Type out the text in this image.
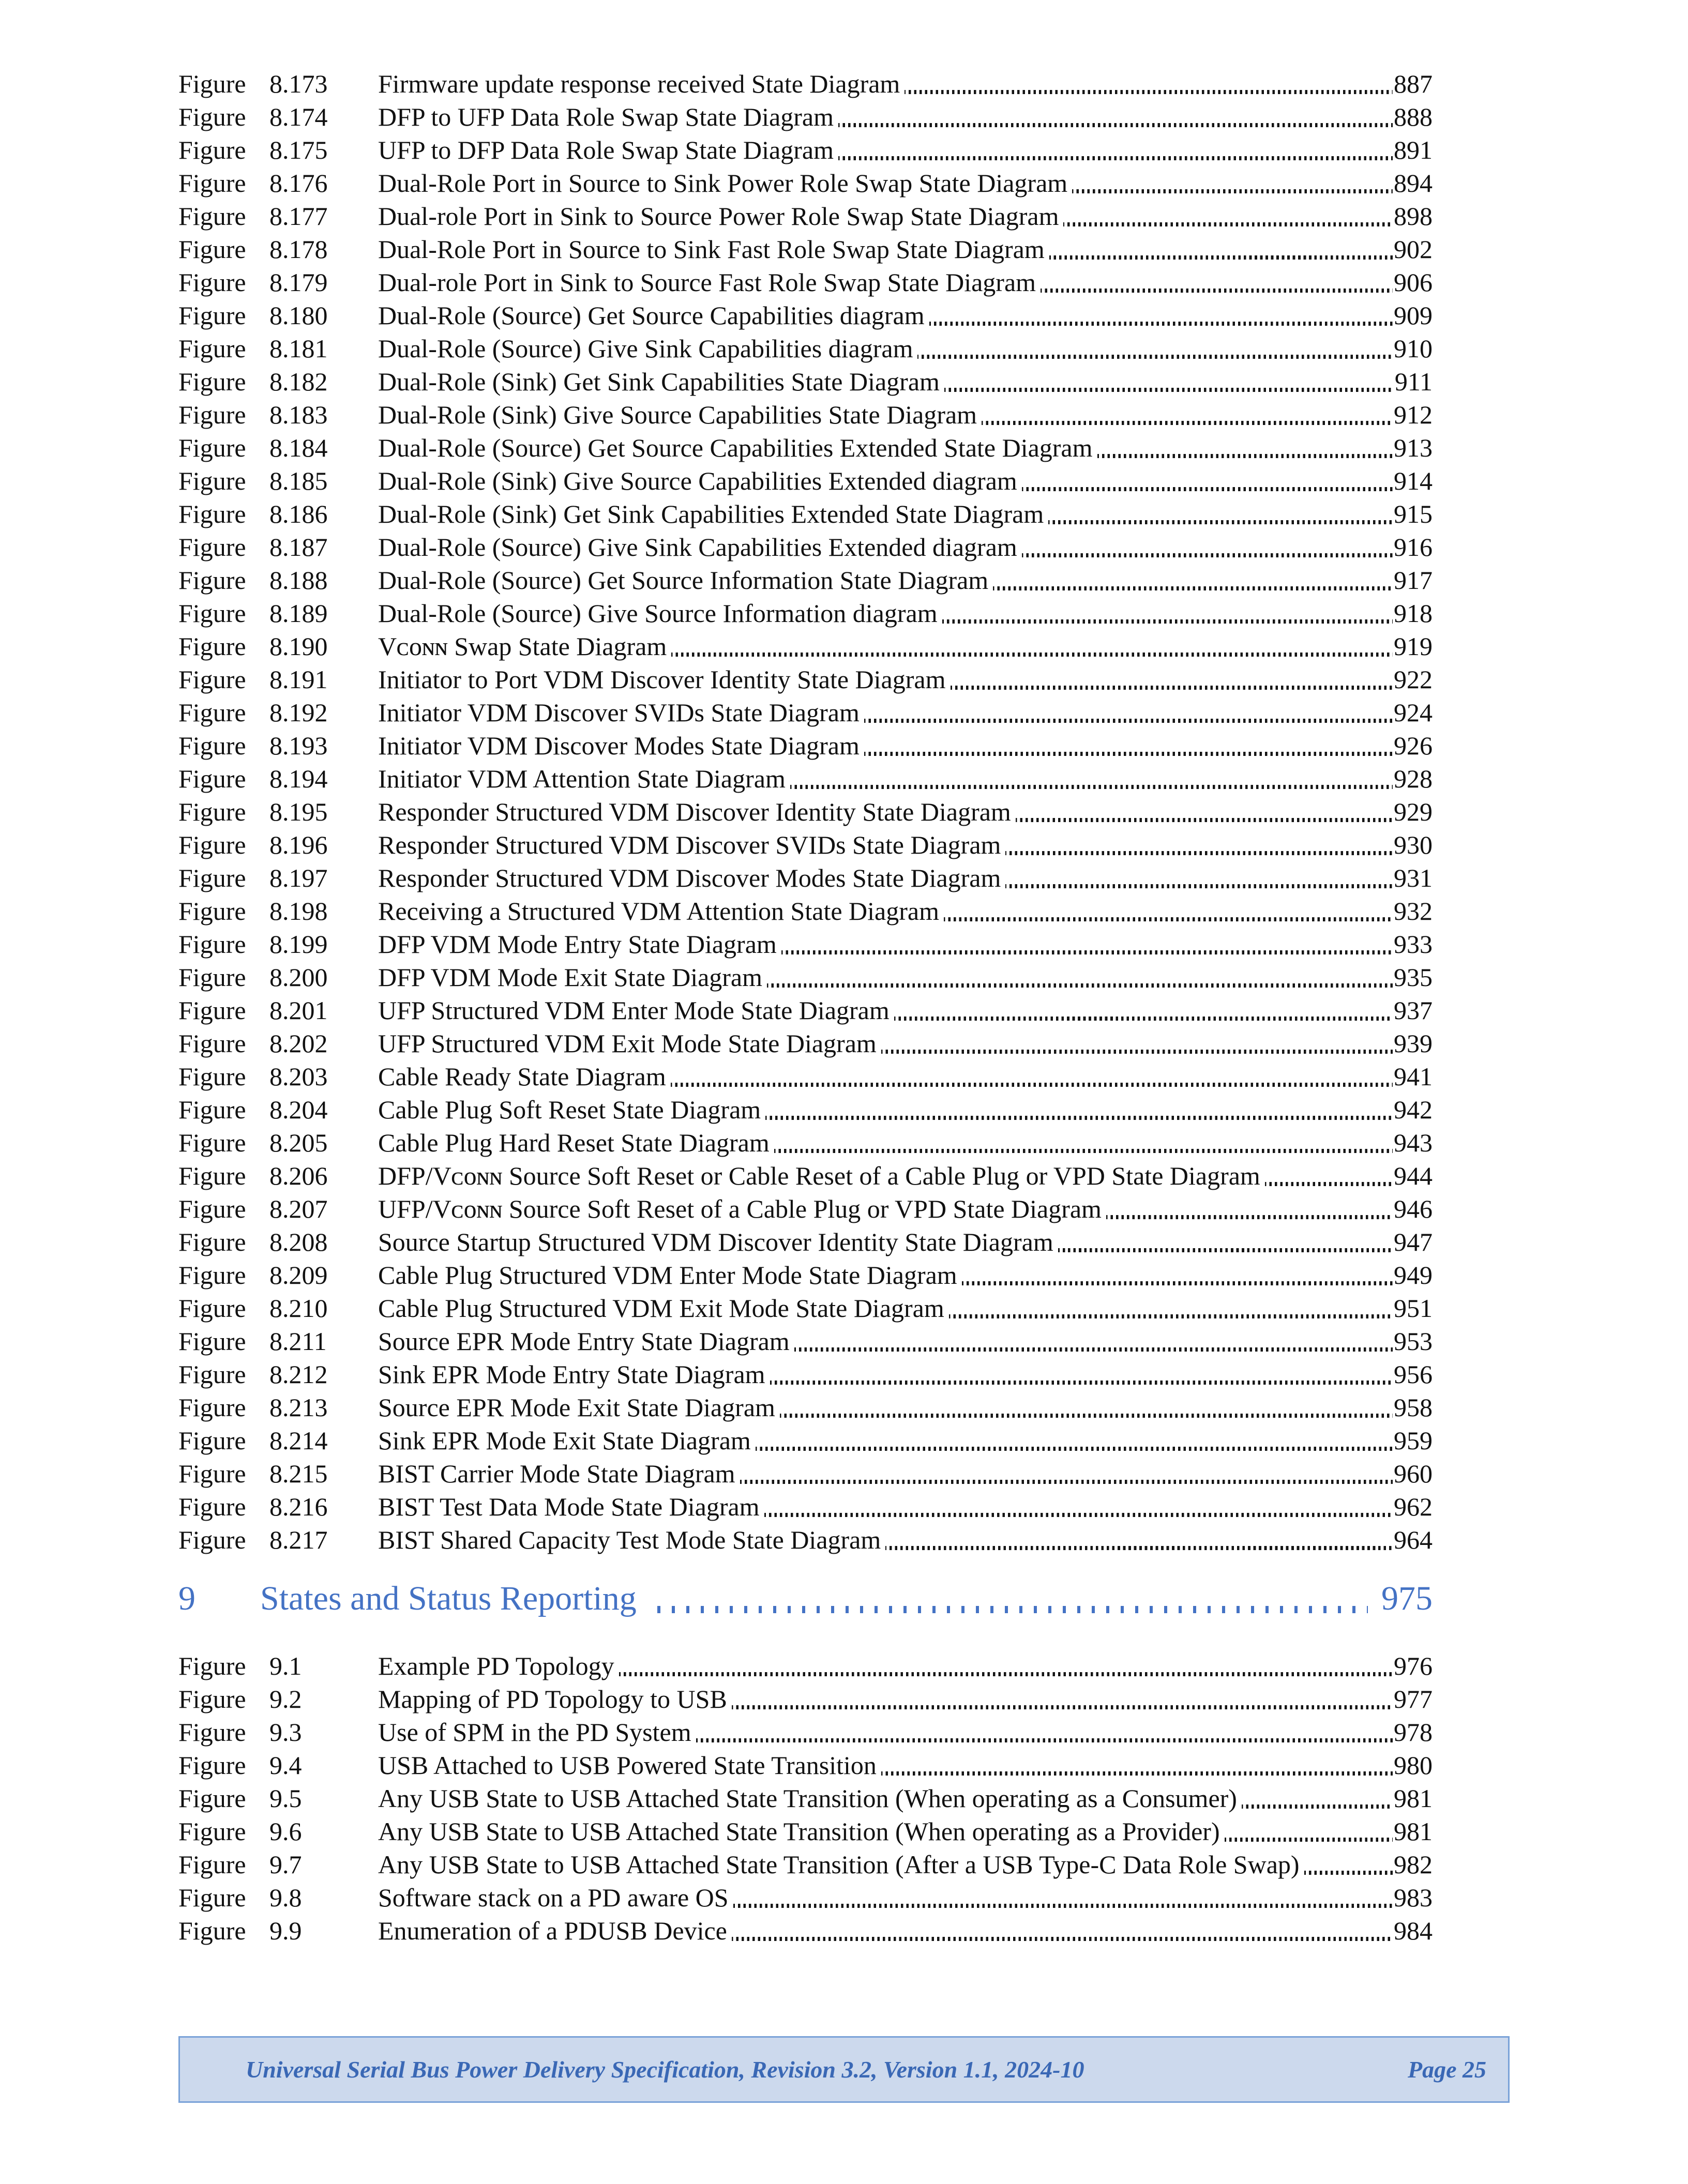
Figure 8.173	Firmware update response received State Diagram	887
Figure 8.174	DFP to UFP Data Role Swap State Diagram	888
Figure 8.175	UFP to DFP Data Role Swap State Diagram	891
Figure 8.176	Dual-Role Port in Source to Sink Power Role Swap State Diagram	894
Figure 8.177	Dual-role Port in Sink to Source Power Role Swap State Diagram	898
Figure 8.178	Dual-Role Port in Source to Sink Fast Role Swap State Diagram	902
Figure 8.179	Dual-role Port in Sink to Source Fast Role Swap State Diagram	906
Figure 8.180	Dual-Role (Source) Get Source Capabilities diagram	909
Figure 8.181	Dual-Role (Source) Give Sink Capabilities diagram	910
Figure 8.182	Dual-Role (Sink) Get Sink Capabilities State Diagram	911
Figure 8.183	Dual-Role (Sink) Give Source Capabilities State Diagram	912
Figure 8.184	Dual-Role (Source) Get Source Capabilities Extended State Diagram	913
Figure 8.185	Dual-Role (Sink) Give Source Capabilities Extended diagram	914
Figure 8.186	Dual-Role (Sink) Get Sink Capabilities Extended State Diagram	915
Figure 8.187	Dual-Role (Source) Give Sink Capabilities Extended diagram	916
Figure 8.188	Dual-Role (Source) Get Source Information State Diagram	917
Figure 8.189	Dual-Role (Source) Give Source Information diagram	918
Figure 8.190	Vᴄᴏɴɴ Swap State Diagram	919
Figure 8.191	Initiator to Port VDM Discover Identity State Diagram	922
Figure 8.192	Initiator VDM Discover SVIDs State Diagram	924
Figure 8.193	Initiator VDM Discover Modes State Diagram	926
Figure 8.194	Initiator VDM Attention State Diagram	928
Figure 8.195	Responder Structured VDM Discover Identity State Diagram	929
Figure 8.196	Responder Structured VDM Discover SVIDs State Diagram	930
Figure 8.197	Responder Structured VDM Discover Modes State Diagram	931
Figure 8.198	Receiving a Structured VDM Attention State Diagram	932
Figure 8.199	DFP VDM Mode Entry State Diagram	933
Figure 8.200	DFP VDM Mode Exit State Diagram	935
Figure 8.201	UFP Structured VDM Enter Mode State Diagram	937
Figure 8.202	UFP Structured VDM Exit Mode State Diagram	939
Figure 8.203	Cable Ready State Diagram	941
Figure 8.204	Cable Plug Soft Reset State Diagram	942
Figure 8.205	Cable Plug Hard Reset State Diagram	943
Figure 8.206	DFP/Vᴄᴏɴɴ Source Soft Reset or Cable Reset of a Cable Plug or VPD State Diagram	944
Figure 8.207	UFP/Vᴄᴏɴɴ Source Soft Reset of a Cable Plug or VPD State Diagram	946
Figure 8.208	Source Startup Structured VDM Discover Identity State Diagram	947
Figure 8.209	Cable Plug Structured VDM Enter Mode State Diagram	949
Figure 8.210	Cable Plug Structured VDM Exit Mode State Diagram	951
Figure 8.211	Source EPR Mode Entry State Diagram	953
Figure 8.212	Sink EPR Mode Entry State Diagram	956
Figure 8.213	Source EPR Mode Exit State Diagram	958
Figure 8.214	Sink EPR Mode Exit State Diagram	959
Figure 8.215	BIST Carrier Mode State Diagram	960
Figure 8.216	BIST Test Data Mode State Diagram	962
Figure 8.217	BIST Shared Capacity Test Mode State Diagram	964
9	States and Status Reporting	975
Figure 9.1	Example PD Topology	976
Figure 9.2	Mapping of PD Topology to USB	977
Figure 9.3	Use of SPM in the PD System	978
Figure 9.4	USB Attached to USB Powered State Transition	980
Figure 9.5	Any USB State to USB Attached State Transition (When operating as a Consumer)	981
Figure 9.6	Any USB State to USB Attached State Transition (When operating as a Provider)	981
Figure 9.7	Any USB State to USB Attached State Transition (After a USB Type-C Data Role Swap)	982
Figure 9.8	Software stack on a PD aware OS	983
Figure 9.9	Enumeration of a PDUSB Device	984
Universal Serial Bus Power Delivery Specification, Revision 3.2, Version 1.1, 2024-10	Page 25
